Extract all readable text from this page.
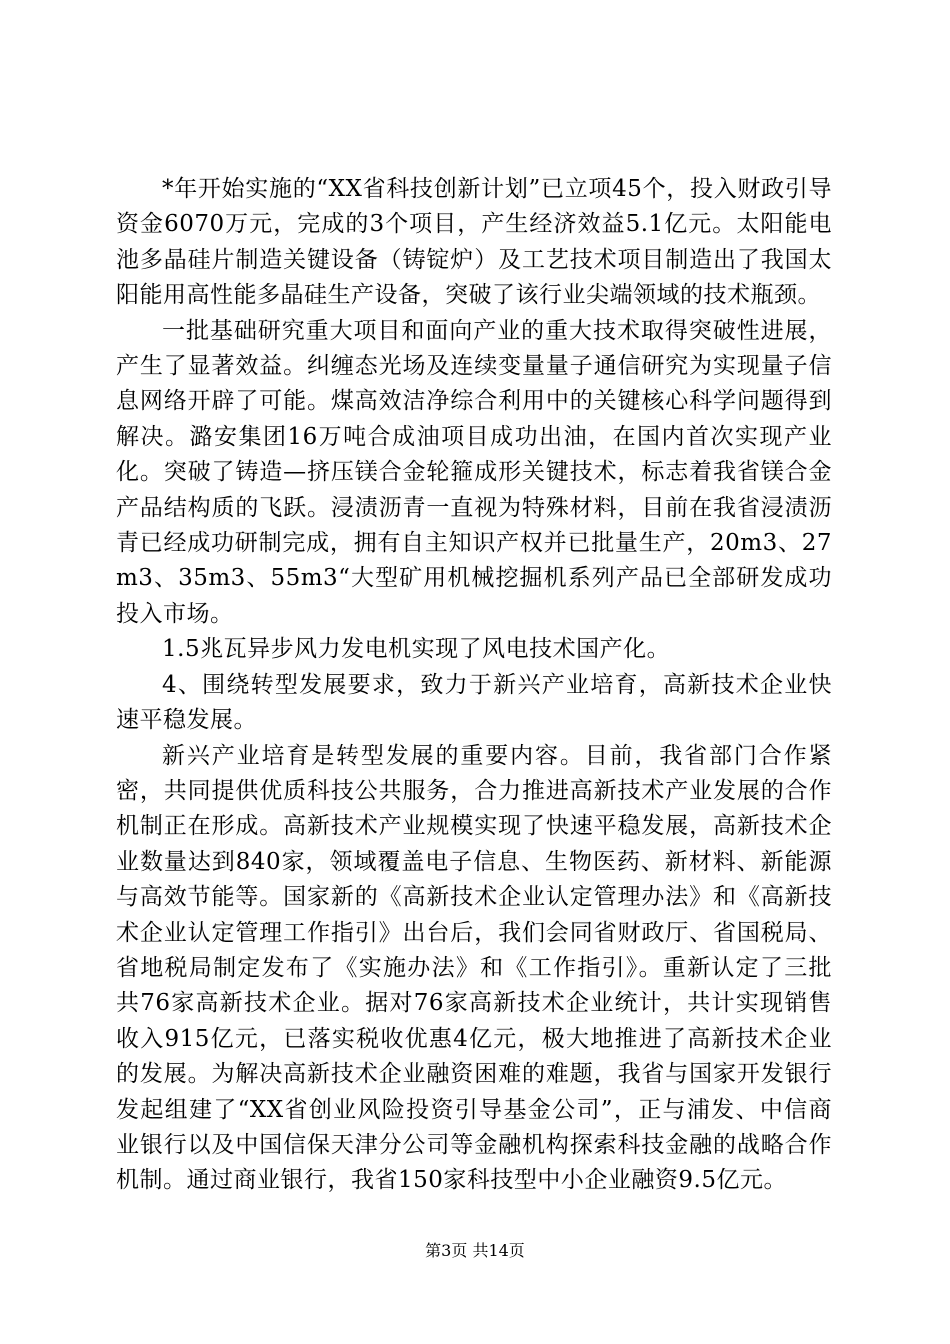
*年开始实施的“XX省科技创新计划”已立项45个，投入财政引导资金6070万元，完成的3个项目，产生经济效益5.1亿元。太阳能电池多晶硅片制造关键设备（铸锭炉）及工艺技术项目制造出了我国太阳能用高性能多晶硅生产设备，突破了该行业尖端领域的技术瓶颈。

一批基础研究重大项目和面向产业的重大技术取得突破性进展，产生了显著效益。纠缠态光场及连续变量量子通信研究为实现量子信息网络开辟了可能。煤高效洁净综合利用中的关键核心科学问题得到解决。潞安集团16万吨合成油项目成功出油，在国内首次实现产业化。突破了铸造—挤压镁合金轮箍成形关键技术，标志着我省镁合金产品结构质的飞跃。浸渍沥青一直视为特殊材料，目前在我省浸渍沥青已经成功研制完成，拥有自主知识产权并已批量生产，20m3、27m3、35m3、55m3“大型矿用机械挖掘机系列产品已全部研发成功投入市场。

1.5兆瓦异步风力发电机实现了风电技术国产化。

4、围绕转型发展要求，致力于新兴产业培育，高新技术企业快速平稳发展。

新兴产业培育是转型发展的重要内容。目前，我省部门合作紧密，共同提供优质科技公共服务，合力推进高新技术产业发展的合作机制正在形成。高新技术产业规模实现了快速平稳发展，高新技术企业数量达到840家，领域覆盖电子信息、生物医药、新材料、新能源与高效节能等。国家新的《高新技术企业认定管理办法》和《高新技术企业认定管理工作指引》出台后，我们会同省财政厅、省国税局、省地税局制定发布了《实施办法》和《工作指引》。重新认定了三批共76家高新技术企业。据对76家高新技术企业统计，共计实现销售收入915亿元，已落实税收优惠4亿元，极大地推进了高新技术企业的发展。为解决高新技术企业融资困难的难题，我省与国家开发银行发起组建了“XX省创业风险投资引导基金公司”，正与浦发、中信商业银行以及中国信保天津分公司等金融机构探索科技金融的战略合作机制。通过商业银行，我省150家科技型中小企业融资9.5亿元。

第3页 共14页
